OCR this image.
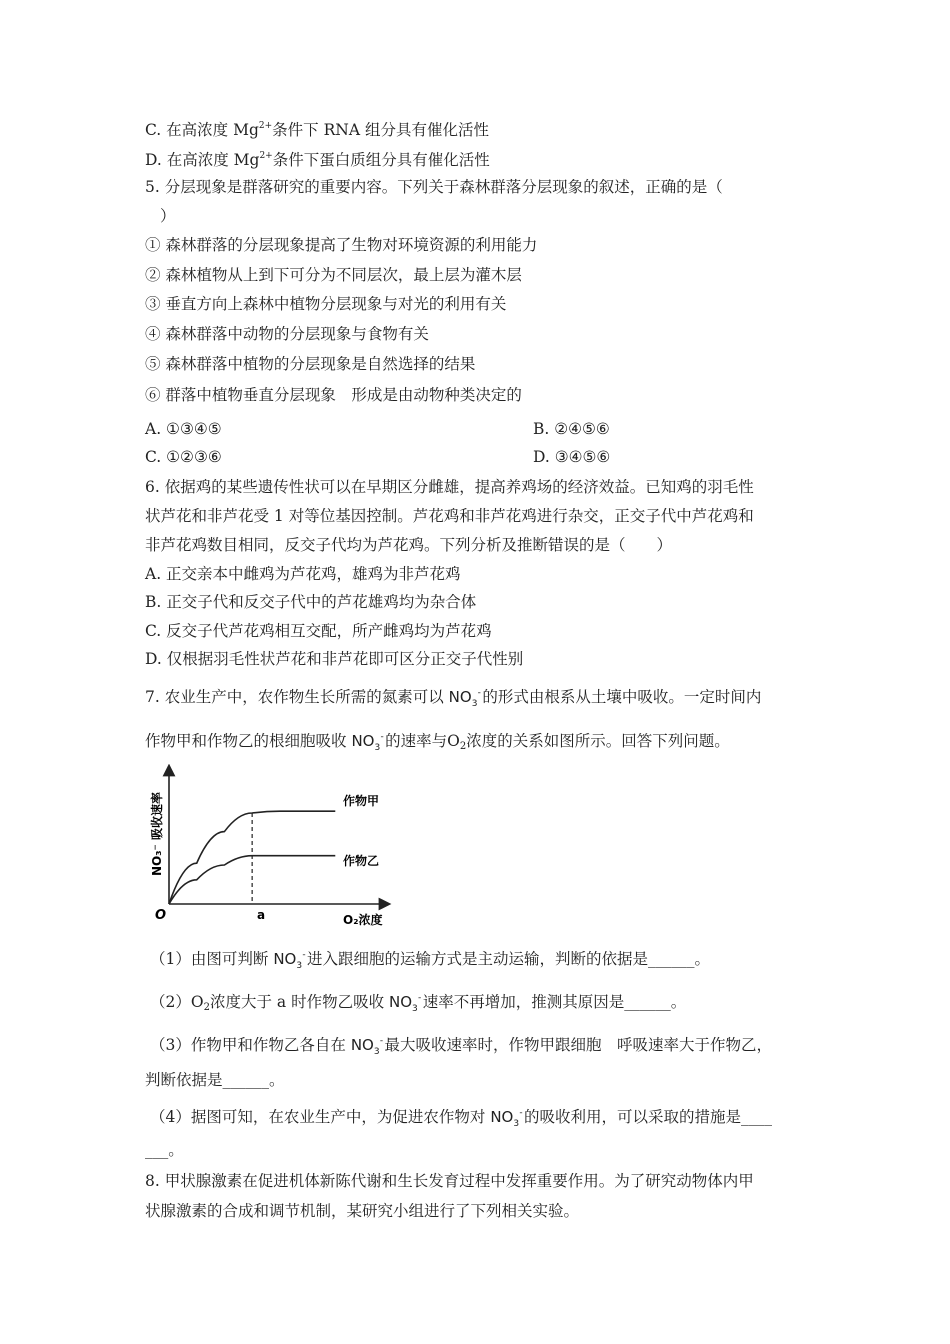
C. 在高浓度 $Mg^{2+}$条件下 RNA 组分具有催化活性
D. 在高浓度 $Mg^{2+}$条件下蛋白质组分具有催化活性
5. 分层现象是群落研究的重要内容。下列关于森林群落分层现象的叙述，正确的是（
）
① 森林群落的分层现象提高了生物对环境资源的利用能力
② 森林植物从上到下可分为不同层次，最上层为灌木层
③ 垂直方向上森林中植物分层现象与对光的利用有关
④ 森林群落中动物的分层现象与食物有关
⑤ 森林群落中植物的分层现象是自然选择的结果
⑥ 群落中植物垂直分层现象　形成是由动物种类决定的
A. ①③④⑤	B. ②④⑤⑥
C. ①②③⑥	D. ③④⑤⑥
6. 依据鸡的某些遗传性状可以在早期区分雌雄，提高养鸡场的经济效益。已知鸡的羽毛性
状芦花和非芦花受 1 对等位基因控制。芦花鸡和非芦花鸡进行杂交，正交子代中芦花鸡和
非芦花鸡数目相同，反交子代均为芦花鸡。下列分析及推断错误的是（　　）
A. 正交亲本中雌鸡为芦花鸡，雄鸡为非芦花鸡
B. 正交子代和反交子代中的芦花雄鸡均为杂合体
C. 反交子代芦花鸡相互交配，所产雌鸡均为芦花鸡
D. 仅根据羽毛性状芦花和非芦花即可区分正交子代性别
7. 农业生产中，农作物生长所需的氮素可以 $NO_3$
- 的形式由根系从土壤中吸收。一定时间内
作物甲和作物乙的根细胞吸收 $NO_3$
- 的速率与$O_2$浓度的关系如图所示。回答下列问题。
O	a	O₂浓度
NO₃⁻ 吸收速率	作物甲
作物乙
（1）由图可判断 $NO_3$
- 进入跟细胞的运输方式是主动运输，判断的依据是______。
$(2)O_2$浓度大于 a 时作物乙吸收 $NO_3$
- 速率不再增加，推测其原因是______。
（3）作物甲和作物乙各自在 $NO_3$
- 最大吸收速率时，作物甲跟细胞　呼吸速率大于作物乙，
判断依据是______。
（4）据图可知，在农业生产中，为促进农作物对 $NO_3$
- 的吸收利用，可以采取的措施是____
___。
8. 甲状腺激素在促进机体新陈代谢和生长发育过程中发挥重要作用。为了研究动物体内甲
状腺激素的合成和调节机制，某研究小组进行了下列相关实验。
